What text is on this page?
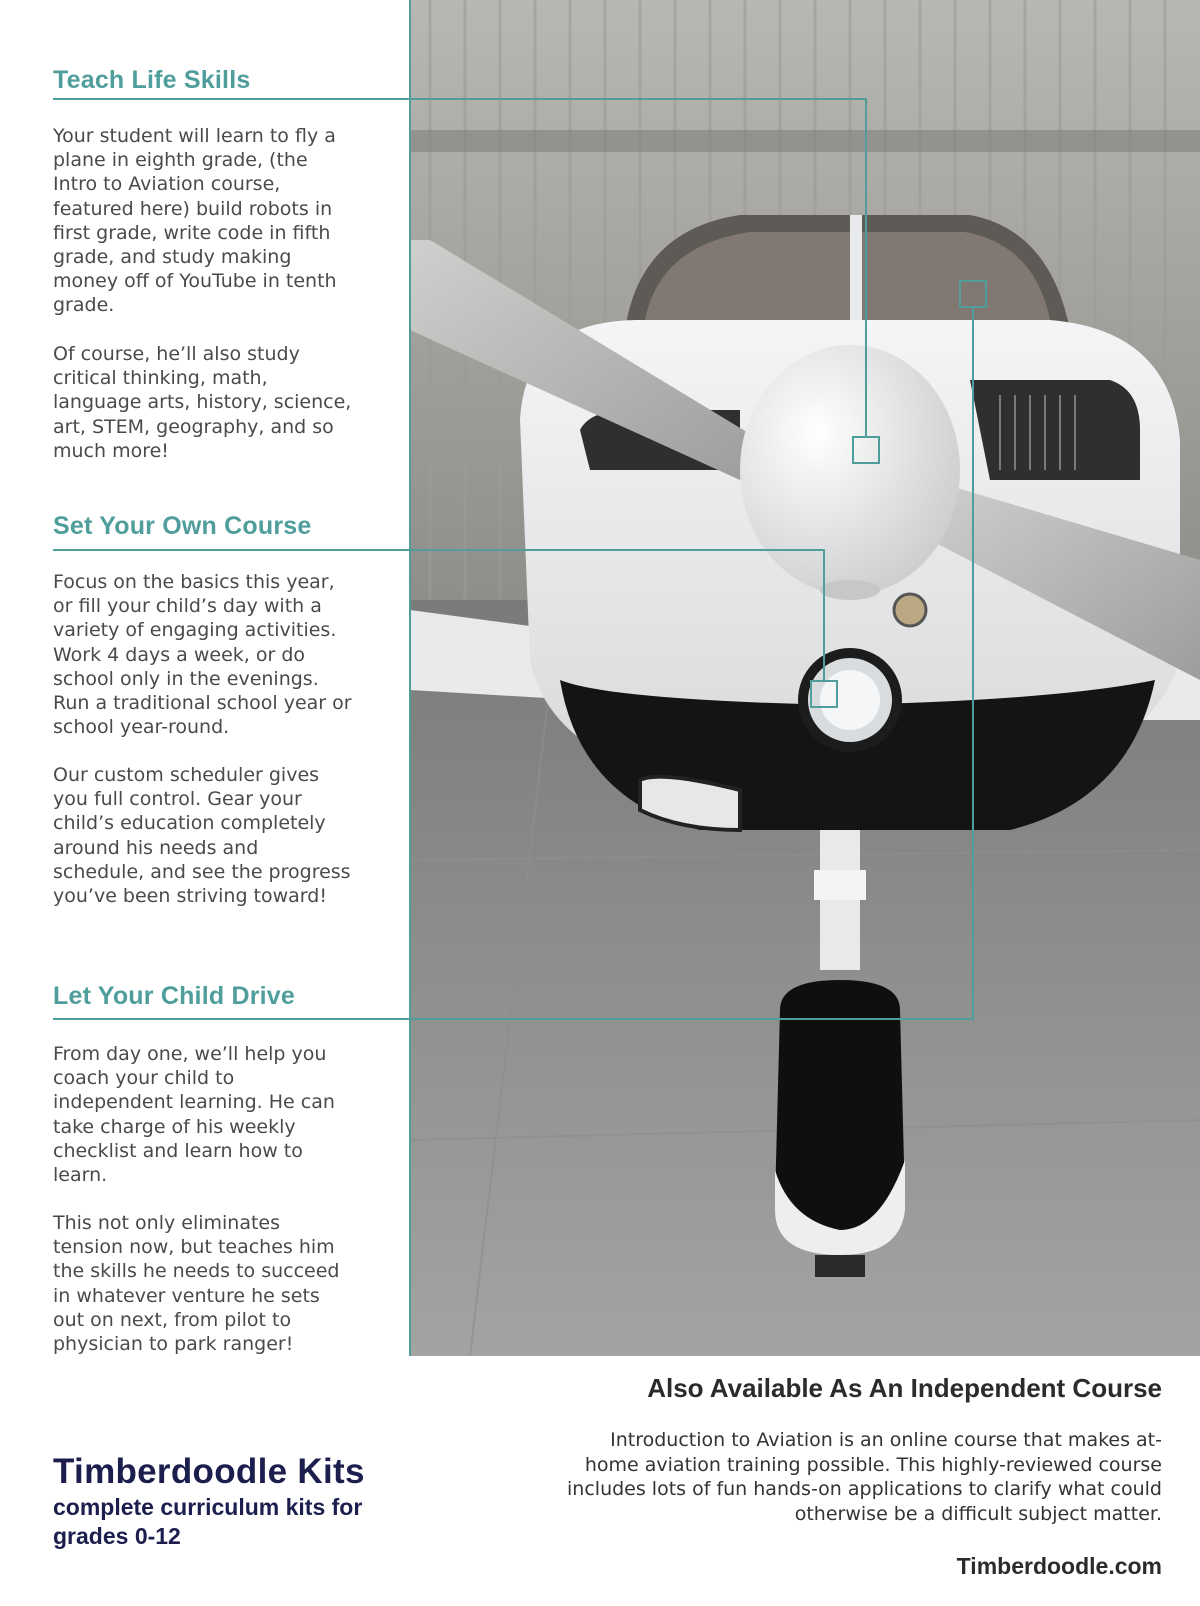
Teach Life Skills

Your student will learn to fly a plane in eighth grade, (the Intro to Aviation course, featured here) build robots in first grade, write code in fifth grade, and study making money off of YouTube in tenth grade.

Of course, he’ll also study critical thinking, math, language arts, history, science, art, STEM, geography, and so much more!

Set Your Own Course

Focus on the basics this year, or fill your child’s day with a variety of engaging activities. Work 4 days a week, or do school only in the evenings. Run a traditional school year or school year-round.

Our custom scheduler gives you full control. Gear your child’s education completely around his needs and schedule, and see the progress you’ve been striving toward!

Let Your Child Drive

From day one, we’ll help you coach your child to independent learning. He can take charge of his weekly checklist and learn how to learn.

This not only eliminates tension now, but teaches him the skills he needs to succeed in whatever venture he sets out on next, from pilot to physician to park ranger!

Also Available As An Independent Course

Introduction to Aviation is an online course that makes at-home aviation training possible. This highly-reviewed course includes lots of fun hands-on applications to clarify what could otherwise be a difficult subject matter.

Timberdoodle.com

Timberdoodle Kits

complete curriculum kits for grades 0-12
